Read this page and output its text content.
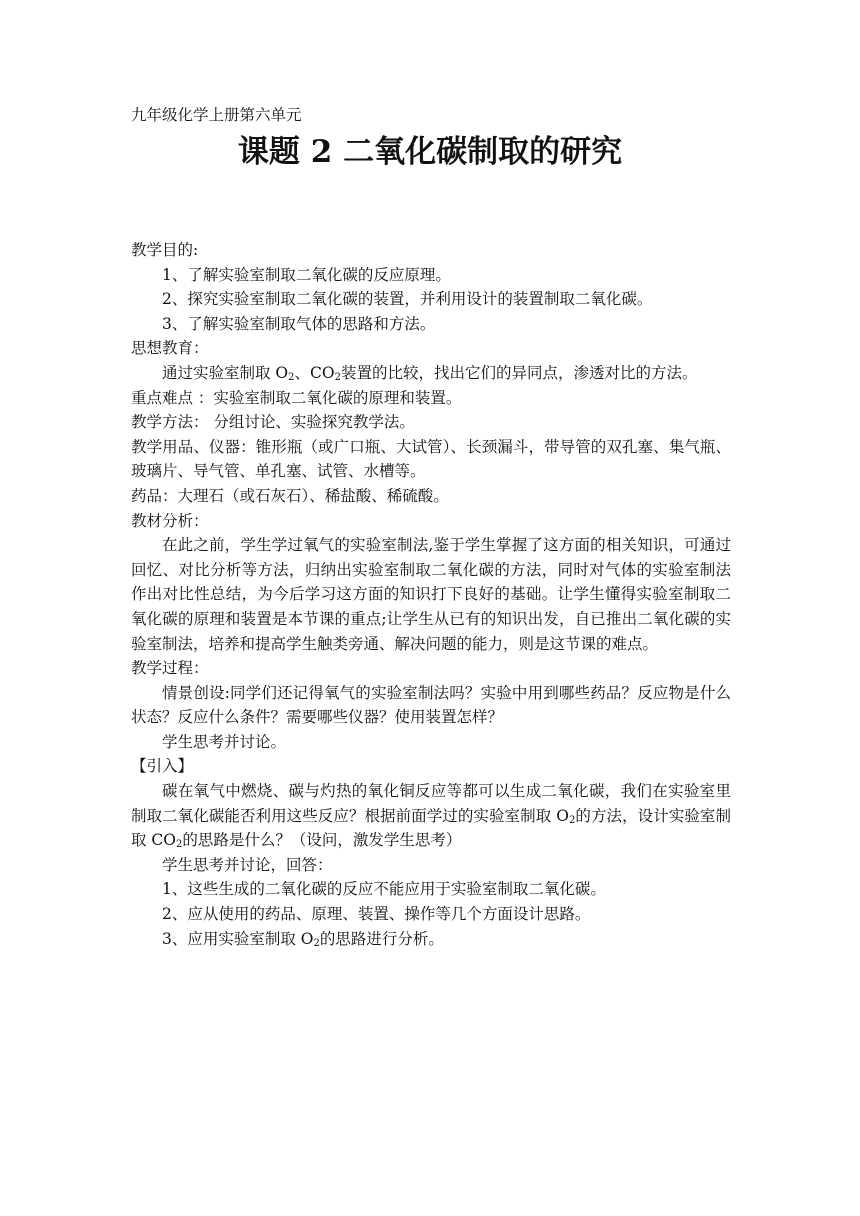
九年级化学上册第六单元
课题 2 二氧化碳制取的研究

教学目的:

1、了解实验室制取二氧化碳的反应原理。

2、探究实验室制取二氧化碳的装置，并利用设计的装置制取二氧化碳。

3、了解实验室制取气体的思路和方法。

思想教育：

通过实验室制取 $O_2$、$CO_2$装置的比较，找出它们的异同点，渗透对比的方法。

重点难点 ：实验室制取二氧化碳的原理和装置。

教学方法： 分组讨论、实验探究教学法。

教学用品、仪器：锥形瓶（或广口瓶、大试管）、长颈漏斗，带导管的双孔塞、集气瓶、玻璃片、导气管、单孔塞、试管、水槽等。

药品：大理石（或石灰石）、稀盐酸、稀硫酸。

教材分析：

在此之前，学生学过氧气的实验室制法,鉴于学生掌握了这方面的相关知识，可通过回忆、对比分析等方法，归纳出实验室制取二氧化碳的方法，同时对气体的实验室制法作出对比性总结，为今后学习这方面的知识打下良好的基础。让学生懂得实验室制取二氧化碳的原理和装置是本节课的重点;让学生从已有的知识出发，自已推出二氧化碳的实验室制法，培养和提高学生触类旁通、解决问题的能力，则是这节课的难点。

教学过程：

情景创设:同学们还记得氧气的实验室制法吗？实验中用到哪些药品？反应物是什么状态？反应什么条件？需要哪些仪器？使用装置怎样？

学生思考并讨论。

【引入】

碳在氧气中燃烧、碳与灼热的氧化铜反应等都可以生成二氧化碳，我们在实验室里制取二氧化碳能否利用这些反应？根据前面学过的实验室制取 $O_2$的方法，设计实验室制取 $CO_2$的思路是什么？（设问，激发学生思考）

学生思考并讨论，回答：

1、这些生成的二氧化碳的反应不能应用于实验室制取二氧化碳。

2、应从使用的药品、原理、装置、操作等几个方面设计思路。

3、应用实验室制取 $O_2$的思路进行分析。
